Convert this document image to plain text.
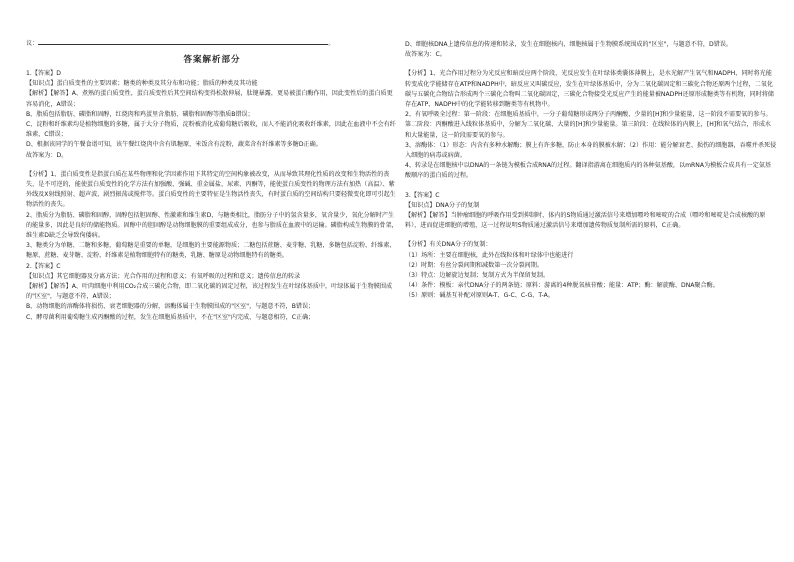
议：	。
答案解析部分

1.【答案】D

【知识点】蛋白质变性的主要因素；糖类的种类及其分布和功能；脂质的种类及其功能

【解析】【解答】A、煮熟的蛋白质变性，蛋白质变性后其空间结构变得松散伸展，肽键暴露，更易被蛋白酶作用，因此变性后的蛋白质更容易消化，A错误；

B、脂质包括脂肪、磷脂和固醇，红烧肉和鸡蛋里含脂肪、磷脂和固醇等脂质B错误；

C、淀粉和纤维素均是植物细胞的多糖，属于大分子物质，淀粉被消化成葡萄糖后吸收，而人不能消化吸收纤维素，因此在血液中不会有纤维素，C错误；

D、根据该同学的午餐食谱可知，该午餐红烧肉中含有肌糖原，米饭含有淀粉，蔬菜含有纤维素等多糖D正确。

故答案为：D。

【分析】1、蛋白质变性是指蛋白质在某些物理和化学因素作用下其特定的空间构象被改变，从而导致其理化性质的改变和生物活性的丧失，是不可逆的，能使蛋白质变性的化学方法有加强酸、强碱、重金属盐、尿素、丙酮等，能使蛋白质变性的物理方法有加热（高温）、紫外线及X射线照射、超声波、剧烈振荡或搅拌等。蛋白质变性的主要特征是生物活性丧失，有时蛋白质的空间结构只要轻微变化即可引起生物活性的丧失。

2、脂质分为脂肪、磷脂和固醇，固醇包括胆固醇、性激素和维生素D，与糖类相比，脂肪分子中的氢含量多，氧含量少，氧化分解时产生的能量多，因此是良好的储能物质。固醇中的胆固醇是动物细胞膜的重要组成成分，也参与脂质在血液中的运输。磷脂构成生物膜的骨架，维生素D缺乏会导致佝偻病。

3、糖类分为单糖、二糖和多糖，葡萄糖是重要的单糖，是细胞的主要能源物质；二糖包括蔗糖、麦芽糖、乳糖，多糖包括淀粉、纤维素、糖原，蔗糖、麦芽糖、淀粉、纤维素是植物细胞特有的糖类，乳糖、糖原是动物细胞特有的糖类。

2.【答案】C

【知识点】其它细胞器及分离方法；光合作用的过程和意义；有氧呼吸的过程和意义；遗传信息的转录

【解析】【解答】A、叶肉细胞中利用CO₂合成三碳化合物，即二氧化碳的固定过程，该过程发生在叶绿体基质中，叶绿体属于生物膜围成的"区室"，与题意不符，A错误；

B、动物细胞的溶酶体将损伤、衰老细胞器的分解，溶酶体属于生物膜围成的"区室"，与题意不符，B错误；

C、酵母菌利用葡萄糖生成丙酮酸的过程，发生在细胞质基质中，不在"区室"内完成，与题意相符，C正确；

D、细胞核DNA上遗传信息的传递和转录，发生在细胞核内，细胞核属于生物膜系统围成的"区室"，与题意不符，D错误。

故答案为：C。

【分析】1、光合作用过程分为光反应和暗反应两个阶段，光反应发生在叶绿体类囊体薄膜上，是水光解产生氧气和NADPH，同时将光能转变成化学能储存在ATP和NADPH中，暗反应又叫碳反应，发生在叶绿体基质中，分为二氧化碳固定和三碳化合物还原两个过程，二氧化碳与五碳化合物结合形成两个三碳化合物叫二氧化碳固定，三碳化合物接受光反应产生的能量被NADPH还原形成糖类等有机物，同时将储存在ATP、NADPH中的化学能转移到糖类等有机物中。

2、有氧呼吸全过程：第一阶段：在细胞质基质中，一分子葡萄糖形成两分子丙酮酸、少量的[H]和少量能量，这一阶段不需要氧的参与。第二阶段：丙酮酸进入线粒体基质中，分解为二氧化碳、大量的[H]和少量能量。第三阶段：在线粒体的内膜上，[H]和氧气结合，形成水和大量能量，这一阶段需要氧的参与。

3、溶酶体：（1）形态：内含有多种水解酶；膜上有许多糖，防止本身的膜被水解；（2）作用：能分解衰老、损伤的细胞器，吞噬并杀死侵入细胞的病毒或病菌。

4、转录是在细胞核中以DNA的一条链为模板合成RNA的过程。翻译指游离在细胞质内的各种氨基酸，以mRNA为模板合成具有一定氨基酸顺序的蛋白质的过程。

3.【答案】C

【知识点】DNA分子的复制

【解析】【解答】当肿瘤细胞的呼吸作用受到抑制时，体内的S物质通过激活信号来增加嘌呤和嘧啶的合成（嘌呤和嘧啶是合成核酸的原料），进而促进细胞的增殖，这一过程说明S物质通过激活信号来增加遗传物质复制所需的原料，C正确。

【分析】有关DNA分子的复制：

（1）场所：主要在细胞核，此外在线粒体和叶绿体中也能进行

（2）时期：有丝分裂间期和减数第一次分裂间期。

（3）特点：边解旋边复制；复制方式为半保留复制。

（4）条件：模板：亲代DNA分子的两条链；原料：游离的4种脱氧核苷酸；能量：ATP；酶：解旋酶、DNA聚合酶。

（5）原则：碱基互补配对原则A-T、G-C、C-G、T-A。
